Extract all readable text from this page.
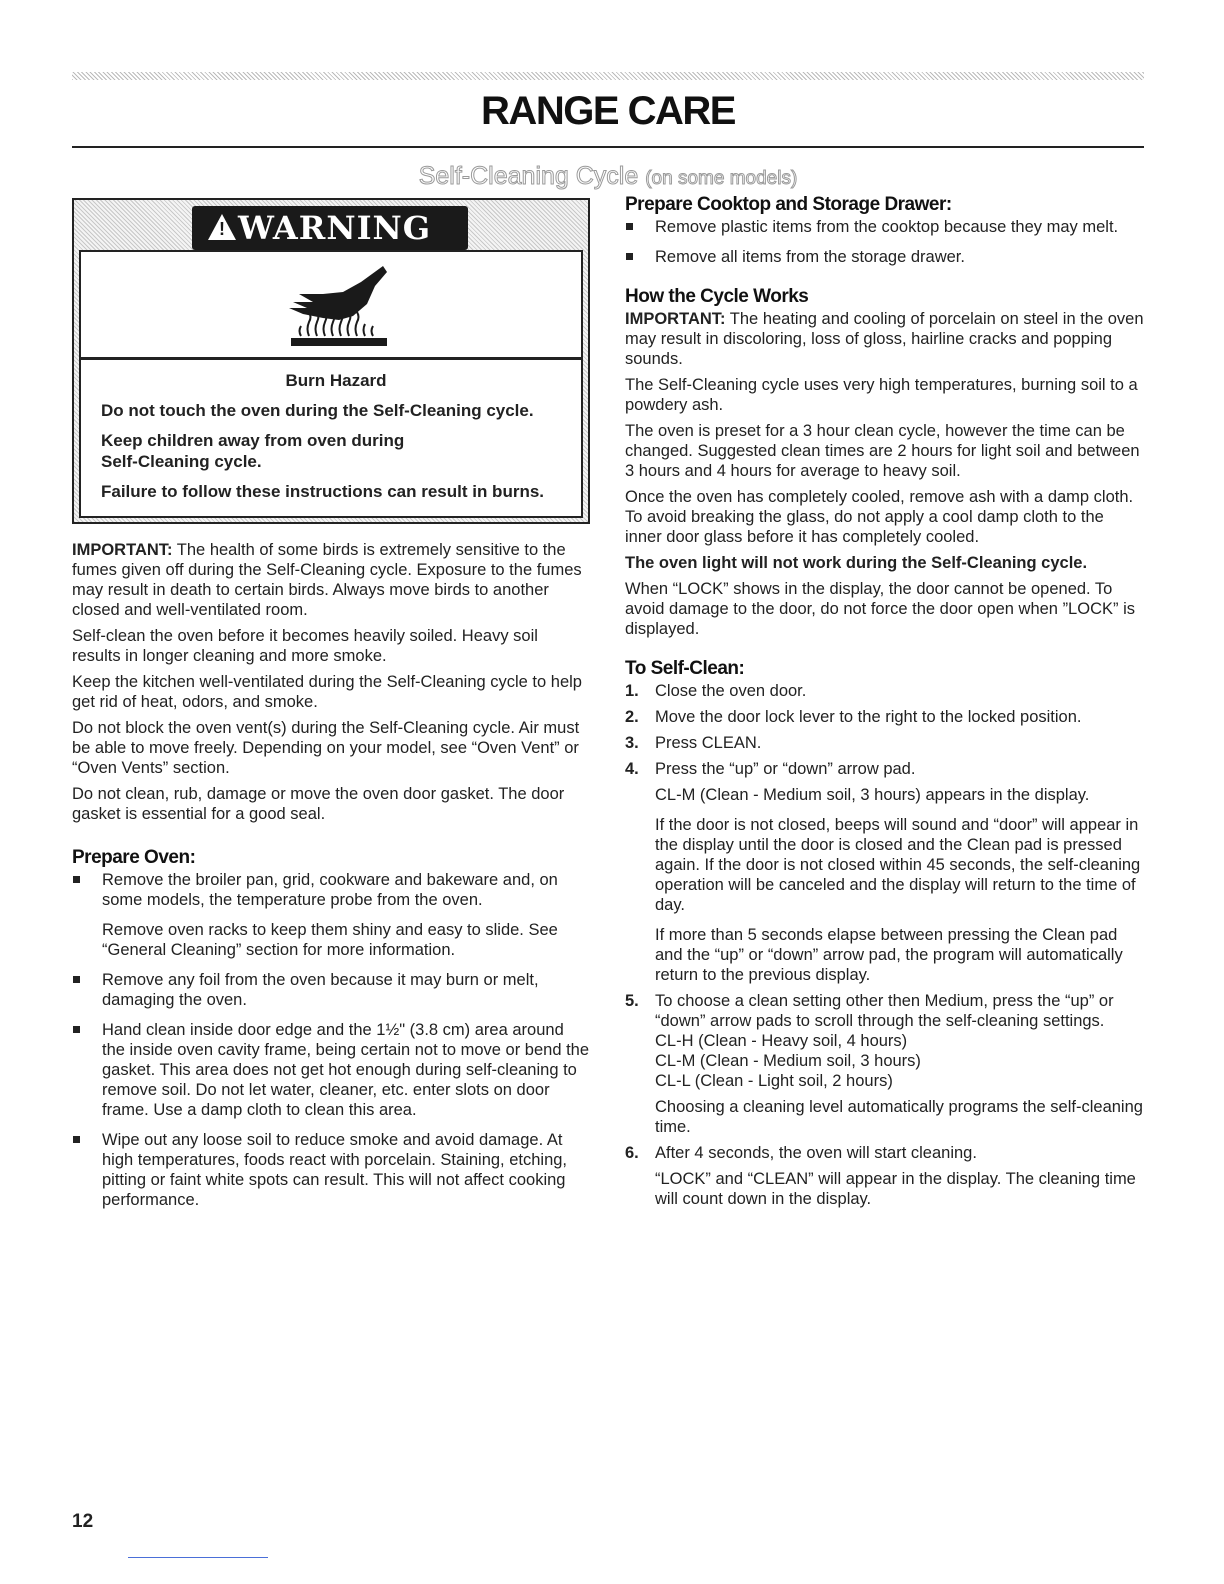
RANGE CARE
Self-Cleaning Cycle (on some models)
!
WARNING

Burn Hazard

Do not touch the oven during the Self-Cleaning cycle.

Keep children away from oven during

Self-Cleaning cycle.

Failure to follow these instructions can result in burns.

IMPORTANT: The health of some birds is extremely sensitive to the fumes given off during the Self-Cleaning cycle. Exposure to the fumes may result in death to certain birds. Always move birds to another closed and well-ventilated room.

Self-clean the oven before it becomes heavily soiled. Heavy soil results in longer cleaning and more smoke.

Keep the kitchen well-ventilated during the Self-Cleaning cycle to help get rid of heat, odors, and smoke.

Do not block the oven vent(s) during the Self-Cleaning cycle. Air must be able to move freely. Depending on your model, see “Oven Vent” or “Oven Vents” section.

Do not clean, rub, damage or move the oven door gasket. The door gasket is essential for a good seal.

Prepare Oven:
Remove the broiler pan, grid, cookware and bakeware and, on some models, the temperature probe from the oven.
Remove oven racks to keep them shiny and easy to slide. See “General Cleaning” section for more information.
Remove any foil from the oven because it may burn or melt, damaging the oven.
Hand clean inside door edge and the 1½" (3.8 cm) area around the inside oven cavity frame, being certain not to move or bend the gasket. This area does not get hot enough during self-cleaning to remove soil. Do not let water, cleaner, etc. enter slots on door frame. Use a damp cloth to clean this area.
Wipe out any loose soil to reduce smoke and avoid damage. At high temperatures, foods react with porcelain. Staining, etching, pitting or faint white spots can result. This will not affect cooking performance.
Prepare Cooktop and Storage Drawer:
Remove plastic items from the cooktop because they may melt.
Remove all items from the storage drawer.
How the Cycle Works

IMPORTANT: The heating and cooling of porcelain on steel in the oven may result in discoloring, loss of gloss, hairline cracks and popping sounds.

The Self-Cleaning cycle uses very high temperatures, burning soil to a powdery ash.

The oven is preset for a 3 hour clean cycle, however the time can be changed. Suggested clean times are 2 hours for light soil and between 3 hours and 4 hours for average to heavy soil.

Once the oven has completely cooled, remove ash with a damp cloth. To avoid breaking the glass, do not apply a cool damp cloth to the inner door glass before it has completely cooled.

The oven light will not work during the Self-Cleaning cycle.

When “LOCK” shows in the display, the door cannot be opened. To avoid damage to the door, do not force the door open when ”LOCK” is displayed.

To Self-Clean:
1. Close the oven door.
2. Move the door lock lever to the right to the locked position.
3. Press CLEAN.
4. Press the “up” or “down” arrow pad.
CL-M (Clean - Medium soil, 3 hours) appears in the display.
If the door is not closed, beeps will sound and “door” will appear in the display until the door is closed and the Clean pad is pressed again. If the door is not closed within 45 seconds, the self-cleaning operation will be canceled and the display will return to the time of day.
If more than 5 seconds elapse between pressing the Clean pad and the “up” or “down” arrow pad, the program will automatically return to the previous display.
5. To choose a clean setting other then Medium, press the “up” or “down” arrow pads to scroll through the self-cleaning settings.
CL-H (Clean - Heavy soil, 4 hours)
CL-M (Clean - Medium soil, 3 hours)
CL-L (Clean - Light soil, 2 hours)
Choosing a cleaning level automatically programs the self-cleaning time.
6. After 4 seconds, the oven will start cleaning.
“LOCK” and “CLEAN” will appear in the display. The cleaning time will count down in the display.
12
